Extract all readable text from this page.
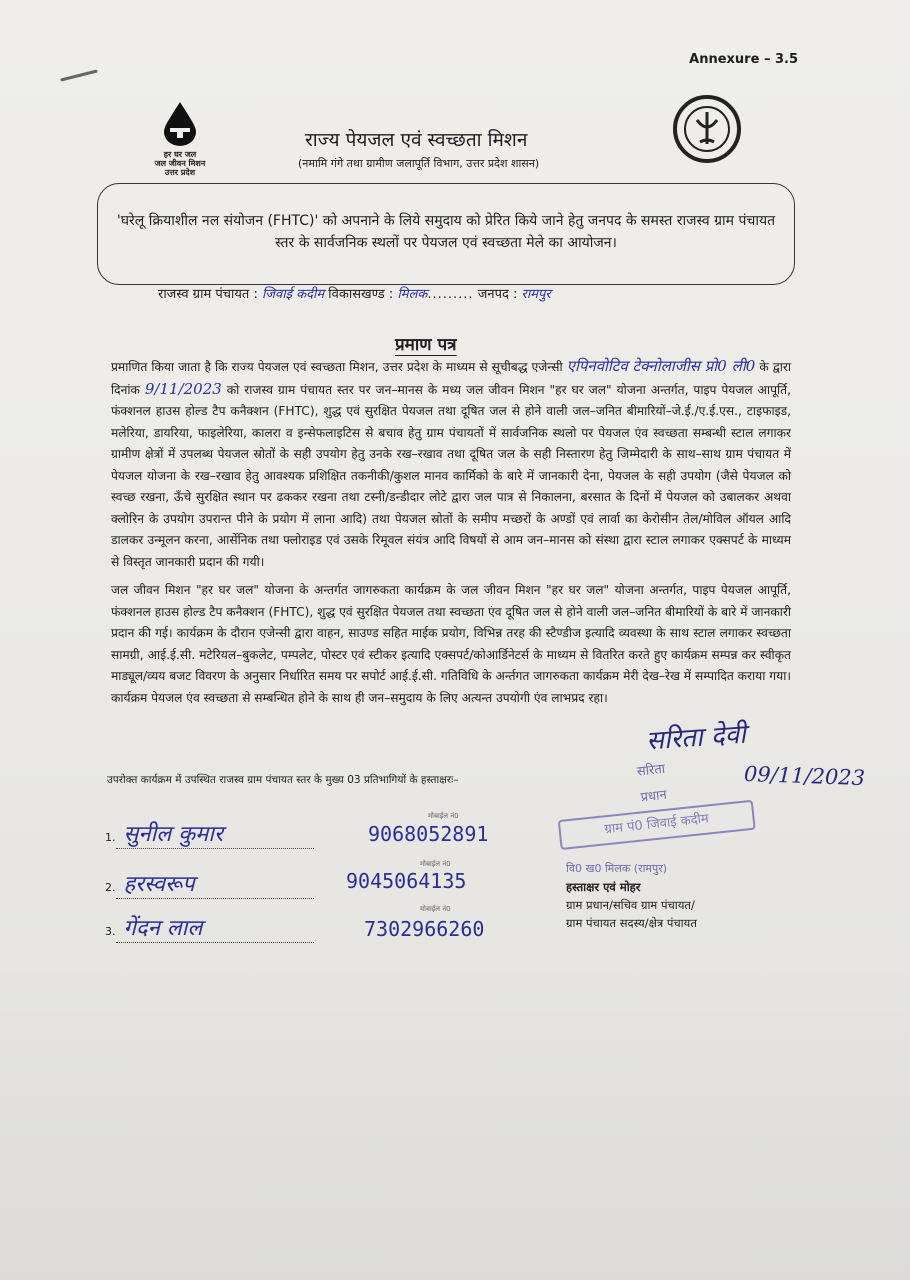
Annexure – 3.5
हर घर जल
जल जीवन मिशन
उत्तर प्रदेश
राज्य पेयजल एवं स्वच्छता मिशन
(नमामि गंगे तथा ग्रामीण जलापूर्ति विभाग, उत्तर प्रदेश शासन)
'घरेलू क्रियाशील नल संयोजन (FHTC)' को अपनाने के लिये समुदाय को प्रेरित किये जाने हेतु जनपद के समस्त राजस्व ग्राम पंचायत स्तर के सार्वजनिक स्थलों पर पेयजल एवं स्वच्छता मेले का आयोजन।
राजस्व ग्राम पंचायत : जिवाई कदीम विकासखण्ड : मिलक......... जनपद : रामपुर
प्रमाण पत्र
प्रमाणित किया जाता है कि राज्य पेयजल एवं स्वच्छता मिशन, उत्तर प्रदेश के माध्यम से सूचीबद्ध एजेन्सी एपिनवोटिव टेक्नोलाजीस प्रो0 ली0 के द्वारा दिनांक 9/11/2023 को राजस्व ग्राम पंचायत स्तर पर जन–मानस के मध्य जल जीवन मिशन "हर घर जल" योजना अन्तर्गत, पाइप पेयजल आपूर्ति, फंक्शनल हाउस होल्ड टैप कनैक्शन (FHTC), शुद्ध एवं सुरक्षित पेयजल तथा दूषित जल से होने वाली जल–जनित बीमारियों–जे.ई./ए.ई.एस., टाइफाइड, मलेरिया, डायरिया, फाइलेरिया, कालरा व इन्सेफलाइटिस से बचाव हेतु ग्राम पंचायतों में सार्वजनिक स्थलो पर पेयजल एंव स्वच्छता सम्बन्धी स्टाल लगाकर ग्रामीण क्षेत्रों में उपलब्ध पेयजल स्रोतों के सही उपयोग हेतु उनके रख–रखाव तथा दूषित जल के सही निस्तारण हेतु जिम्मेदारी के साथ–साथ ग्राम पंचायत में पेयजल योजना के रख–रखाव हेतु आवश्यक प्रशिक्षित तकनीकी/कुशल मानव कार्मिको के बारे में जानकारी देना, पेयजल के सही उपयोग (जैसे पेयजल को स्वच्छ रखना, ऊँचे सुरक्षित स्थान पर ढककर रखना तथा टस्नी/डन्डीदार लोटे द्वारा जल पात्र से निकालना, बरसात के दिनों में पेयजल को उबालकर अथवा क्लोरिन के उपयोग उपरान्त पीने के प्रयोग में लाना आदि) तथा पेयजल स्रोतों के समीप मच्छरों के अण्डों एवं लार्वा का केरोसीन तेल/मोविल ऑयल आदि डालकर उन्मूलन करना, आर्सेनिक तथा फ्लोराइड एवं उसके रिमूवल संयंत्र आदि विषयों से आम जन–मानस को संस्था द्वारा स्टाल लगाकर एक्सपर्ट के माध्यम से विस्तृत जानकारी प्रदान की गयी।
जल जीवन मिशन "हर घर जल" योजना के अन्तर्गत जागरुकता कार्यक्रम के जल जीवन मिशन "हर घर जल" योजना अन्तर्गत, पाइप पेयजल आपूर्ति, फंक्शनल हाउस होल्ड टैप कनैक्शन (FHTC), शुद्ध एवं सुरक्षित पेयजल तथा स्वच्छता एंव दूषित जल से होने वाली जल–जनित बीमारियों के बारे में जानकारी प्रदान की गई। कार्यक्रम के दौरान एजेन्सी द्वारा वाहन, साउण्ड सहित माईक प्रयोग, विभिन्न तरह की स्टैण्डीज इत्यादि व्यवस्था के साथ स्टाल लगाकर स्वच्छता सामग्री, आई.ई.सी. मटेरियल–बुकलेट, पम्पलेट, पोस्टर एवं स्टीकर इत्यादि एक्सपर्ट/कोआर्डिनेटर्स के माध्यम से वितरित करते हुए कार्यक्रम सम्पन्न कर स्वीकृत माड्यूल/व्यय बजट विवरण के अनुसार निर्धारित समय पर सपोर्ट आई.ई.सी. गतिविधि के अर्न्तगत जागरुकता कार्यक्रम मेरी देख–रेख में सम्पादित कराया गया। कार्यक्रम पेयजल एंव स्वच्छता से सम्बन्धित होने के साथ ही जन–समुदाय के लिए अत्यन्त उपयोगी एंव लाभप्रद रहा।
सरिता देवी
09/11/2023
उपरोक्त कार्यक्रम में उपस्थित राजस्व ग्राम पंचायत स्तर के मुख्य 03 प्रतिभागियों के हस्ताक्षरः–
1. सुनील कुमार
मोबाईल नं0
9068052891
2. हरस्वरूप
मोबाईल नं0
9045064135
3. गेंदन लाल
मोबाईल नं0
7302966260
सरिता
प्रधान
ग्राम पं0 जिवाई कदीम
वि0 ख0 मिलक (रामपुर)
हस्ताक्षर एवं मोहर
ग्राम प्रधान/सचिव ग्राम पंचायत/
ग्राम पंचायत सदस्य/क्षेत्र पंचायत
